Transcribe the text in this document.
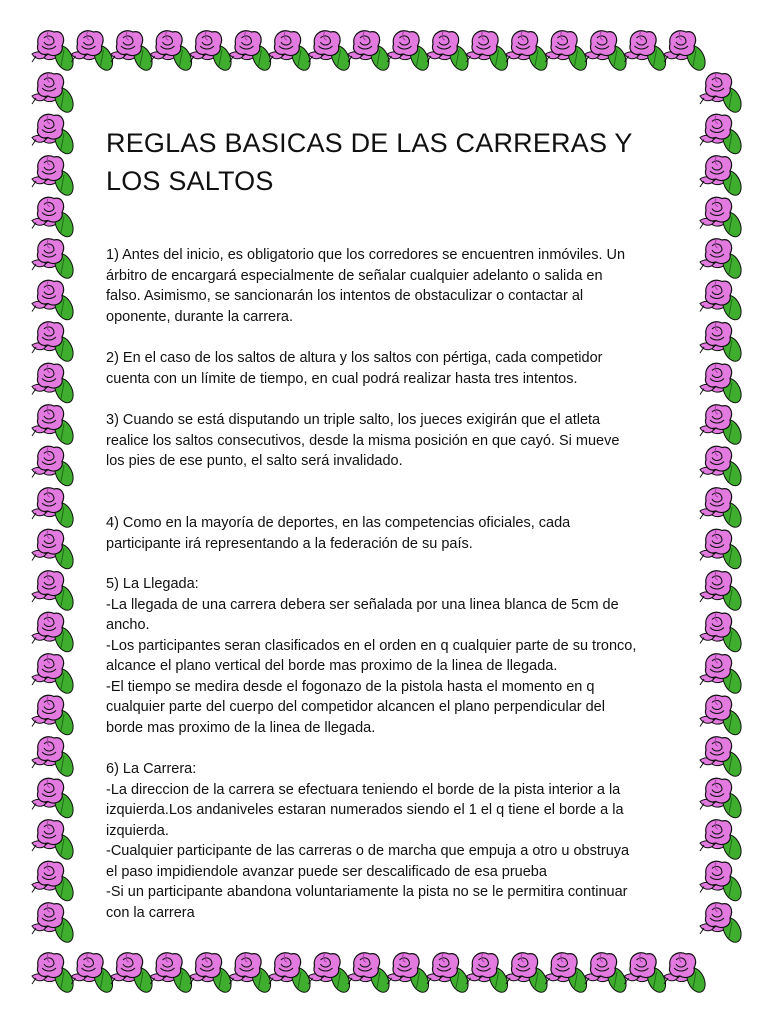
REGLAS BASICAS DE LAS CARRERAS Y
LOS SALTOS
1) Antes del inicio, es obligatorio que los corredores se encuentren inmóviles. Un
árbitro de encargará especialmente de señalar cualquier adelanto o salida en
falso. Asimismo, se sancionarán los intentos de obstaculizar o contactar al
oponente, durante la carrera.
2) En el caso de los saltos de altura y los saltos con pértiga, cada competidor
cuenta con un límite de tiempo, en cual podrá realizar hasta tres intentos.
3) Cuando se está disputando un triple salto, los jueces exigirán que el atleta
realice los saltos consecutivos, desde la misma posición en que cayó. Si mueve
los pies de ese punto, el salto será invalidado.
4) Como en la mayoría de deportes, en las competencias oficiales, cada
participante irá representando a la federación de su país.
5) La Llegada:
-La llegada de una carrera debera ser señalada por una linea blanca de 5cm de
ancho.
-Los participantes seran clasificados en el orden en q cualquier parte de su tronco,
alcance el plano vertical del borde mas proximo de la linea de llegada.
-El tiempo se medira desde el fogonazo de la pistola hasta el momento en q
cualquier parte del cuerpo del competidor alcancen el plano perpendicular del
borde mas proximo de la linea de llegada.
6) La Carrera:
-La direccion de la carrera se efectuara teniendo el borde de la pista interior a la
izquierda.Los andaniveles estaran numerados siendo el 1 el q tiene el borde a la
izquierda.
-Cualquier participante de las carreras o de marcha que empuja a otro u obstruya
el paso impidiendole avanzar puede ser descalificado de esa prueba
-Si un participante abandona voluntariamente la pista no se le permitira continuar
con la carrera
